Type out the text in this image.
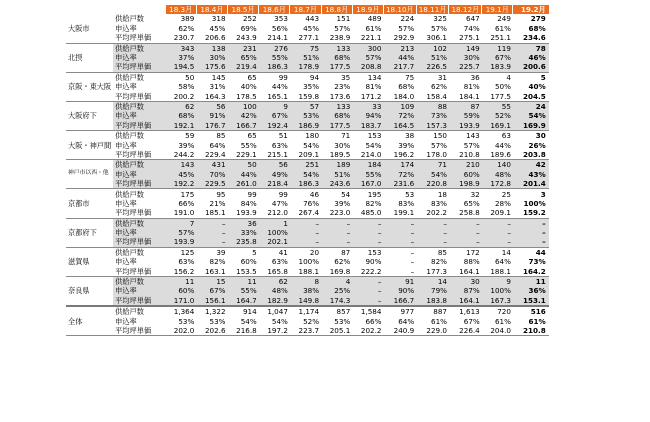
		18.3月	18.4月	18.5月	18.6月	18.7月	18.8月	18.9月	18.10月	18.11月	18.12月	19.1月	19.2月
大阪市	供給戸数	389	318	252	353	443	151	489	224	325	647	249	279
	申込率	62%	45%	69%	56%	45%	57%	61%	57%	57%	74%	61%	68%
	平均坪単価	230.7	206.6	243.9	214.1	277.1	238.9	221.1	292.9	306.1	275.1	251.1	234.6
北摂	供給戸数	343	138	231	276	75	133	300	213	102	149	119	78
	申込率	37%	30%	65%	55%	51%	68%	57%	44%	51%	30%	67%	46%
	平均坪単価	194.5	175.6	219.4	186.3	178.9	177.5	208.8	217.7	226.5	225.7	183.9	200.6
京阪・東大阪	供給戸数	50	145	65	99	94	35	134	75	31	36	4	5
	申込率	58%	31%	40%	44%	35%	23%	81%	68%	62%	81%	50%	40%
	平均坪単価	200.2	164.3	178.5	165.1	159.8	173.6	171.2	184.0	158.4	184.1	177.5	204.5
大阪府下	供給戸数	62	56	100	9	57	133	33	109	88	87	55	24
	申込率	68%	91%	42%	67%	53%	68%	94%	72%	73%	59%	52%	54%
	平均坪単価	192.1	176.7	166.7	192.4	186.9	177.5	183.7	164.5	157.3	193.9	169.1	169.9
大阪・神戸間	供給戸数	59	85	65	51	180	71	153	38	150	143	63	30
	申込率	39%	64%	55%	63%	54%	30%	54%	39%	57%	57%	44%	26%
	平均坪単価	244.2	229.4	229.1	215.1	209.1	189.5	214.0	196.2	178.0	210.8	189.6	203.8
神戸市以西・他	供給戸数	143	431	50	56	251	189	184	174	71	210	140	42
	申込率	45%	70%	44%	49%	54%	51%	55%	72%	54%	60%	48%	43%
	平均坪単価	192.2	229.5	261.0	218.4	186.3	243.6	167.0	231.6	220.8	198.9	172.8	201.4
京都市	供給戸数	175	95	99	99	46	54	195	53	18	32	25	3
	申込率	66%	21%	84%	47%	76%	39%	82%	83%	83%	65%	28%	100%
	平均坪単価	191.0	185.1	193.9	212.0	267.4	223.0	485.0	199.1	202.2	258.8	209.1	159.2
京都府下	供給戸数	7	–	36	1	–	–	–	–	–	–	–	–
	申込率	57%	–	33%	100%	–	–	–	–	–	–	–	–
	平均坪単価	193.9	–	235.8	202.1	–	–	–	–	–	–	–	–
滋賀県	供給戸数	125	39	5	41	20	87	153	–	85	172	14	44
	申込率	63%	82%	60%	63%	100%	62%	90%	–	82%	88%	64%	73%
	平均坪単価	156.2	163.1	153.5	165.8	188.1	169.8	222.2	–	177.3	164.1	188.1	164.2
奈良県	供給戸数	11	15	11	62	8	4	–	91	14	30	9	11
	申込率	60%	67%	55%	48%	38%	25%	–	90%	79%	87%	100%	36%
	平均坪単価	171.0	156.1	164.7	182.9	149.8	174.3	–	166.7	183.8	164.1	167.3	153.1
全体	供給戸数	1,364	1,322	914	1,047	1,174	857	1,584	977	887	1,613	720	516
	申込率	53%	53%	54%	54%	52%	53%	66%	64%	61%	67%	61%	61%
	平均坪単価	202.0	202.6	216.8	197.2	223.7	205.1	202.2	240.9	229.0	226.4	204.0	210.8
